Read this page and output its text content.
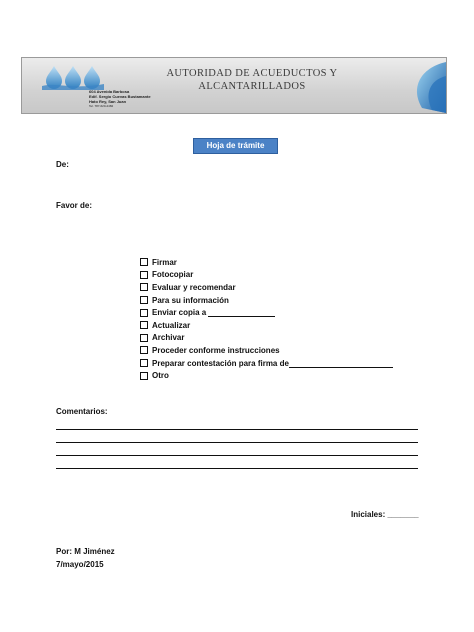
604 Avenida Barbosa
Edif. Sergio Cuevas Bustamante
Hato Rey, San Juan
Tel. 787-620-2482
AUTORIDAD DE ACUEDUCTOS Y
ALCANTARILLADOS
Hoja de trámite
De:
Favor de:
Firmar
Fotocopiar
Evaluar y recomendar
Para su información
Enviar copia a

Actualizar
Archivar
Proceder conforme instrucciones
Preparar contestación para firma de
Otro
Comentarios:
Iniciales: _______
Por: M Jiménez
7/mayo/2015
